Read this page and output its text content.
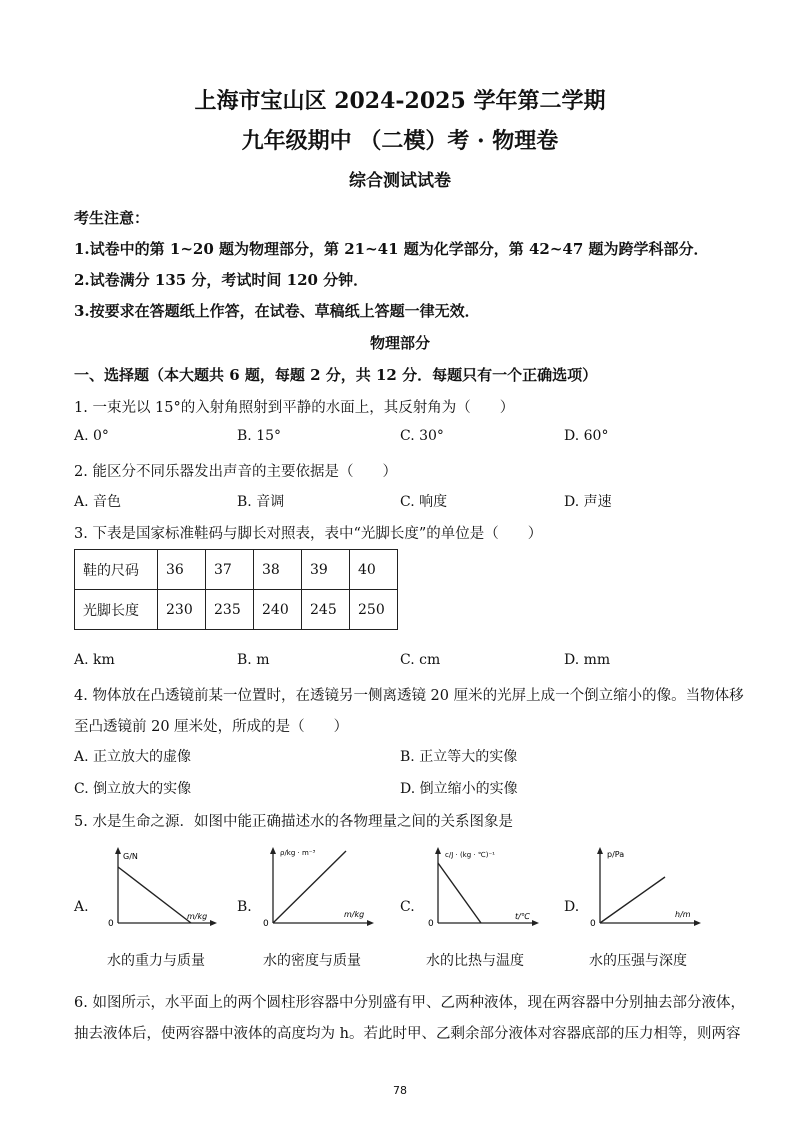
上海市宝山区 2024-2025 学年第二学期
九年级期中 （二模）考 · 物理卷
综合测试试卷
考生注意：
1.试卷中的第 1~20 题为物理部分，第 21~41 题为化学部分，第 42~47 题为跨学科部分．
2.试卷满分 135 分，考试时间 120 分钟．
3.按要求在答题纸上作答，在试卷、草稿纸上答题一律无效．
物理部分
一、选择题（本大题共 6 题，每题 2 分，共 12 分．每题只有一个正确选项）
1. 一束光以 15°的入射角照射到平静的水面上，其反射角为（　　）
A. 0°	B. 15°	C. 30°	D. 60°
2. 能区分不同乐器发出声音的主要依据是（　　）
A. 音色	B. 音调	C. 响度	D. 声速
3. 下表是国家标准鞋码与脚长对照表，表中“光脚长度”的单位是（　　）
鞋的尺码	36	37	38	39	40
光脚长度	230	235	240	245	250
A. km	B. m	C. cm	D. mm
4. 物体放在凸透镜前某一位置时，在透镜另一侧离透镜 20 厘米的光屏上成一个倒立缩小的像。当物体移
至凸透镜前 20 厘米处，所成的是（　　）
A. 正立放大的虚像	B. 正立等大的实像
C. 倒立放大的实像	D. 倒立缩小的实像
5. 水是生命之源．如图中能正确描述水的各物理量之间的关系图象是
A.
G/N
m/kg
0
水的重力与质量
B.
ρ/kg · m⁻³
m/kg
0
水的密度与质量
C.
c/J · (kg · ℃)⁻¹
t/℃
0
水的比热与温度
D.
p/Pa
h/m
0
水的压强与深度
6. 如图所示，水平面上的两个圆柱形容器中分别盛有甲、乙两种液体，现在两容器中分别抽去部分液体，
抽去液体后，使两容器中液体的高度均为 h。若此时甲、乙剩余部分液体对容器底部的压力相等，则两容
78
